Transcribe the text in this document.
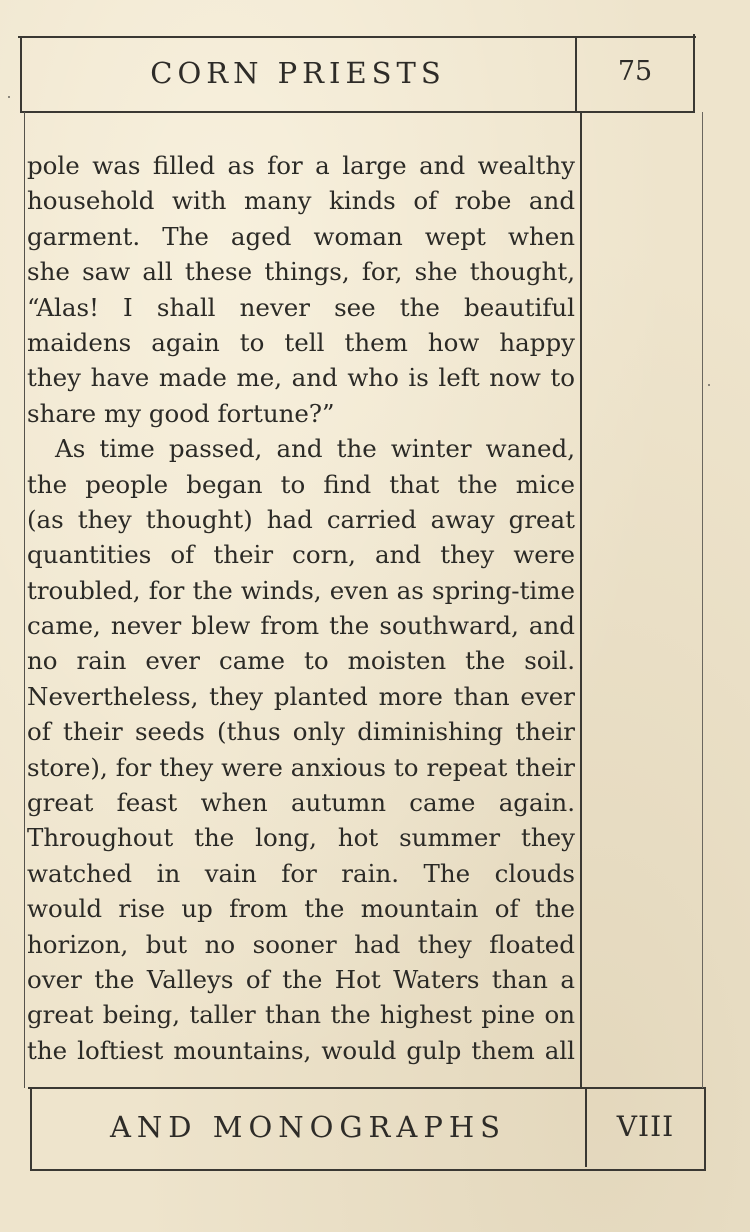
CORN PRIESTS	75
pole was filled as for a large and wealthy
household with many kinds of robe and
garment. The aged woman wept when
she saw all these things, for, she thought,
“Alas! I shall never see the beautiful
maidens again to tell them how happy
they have made me, and who is left now to
share my good fortune?”
As time passed, and the winter waned,
the people began to find that the mice
(as they thought) had carried away great
quantities of their corn, and they were
troubled, for the winds, even as spring-time
came, never blew from the southward, and
no rain ever came to moisten the soil.
Nevertheless, they planted more than ever
of their seeds (thus only diminishing their
store), for they were anxious to repeat their
great feast when autumn came again.
Throughout the long, hot summer they
watched in vain for rain. The clouds
would rise up from the mountain of the
horizon, but no sooner had they floated
over the Valleys of the Hot Waters than a
great being, taller than the highest pine on
the loftiest mountains, would gulp them all
AND MONOGRAPHS	VIII
